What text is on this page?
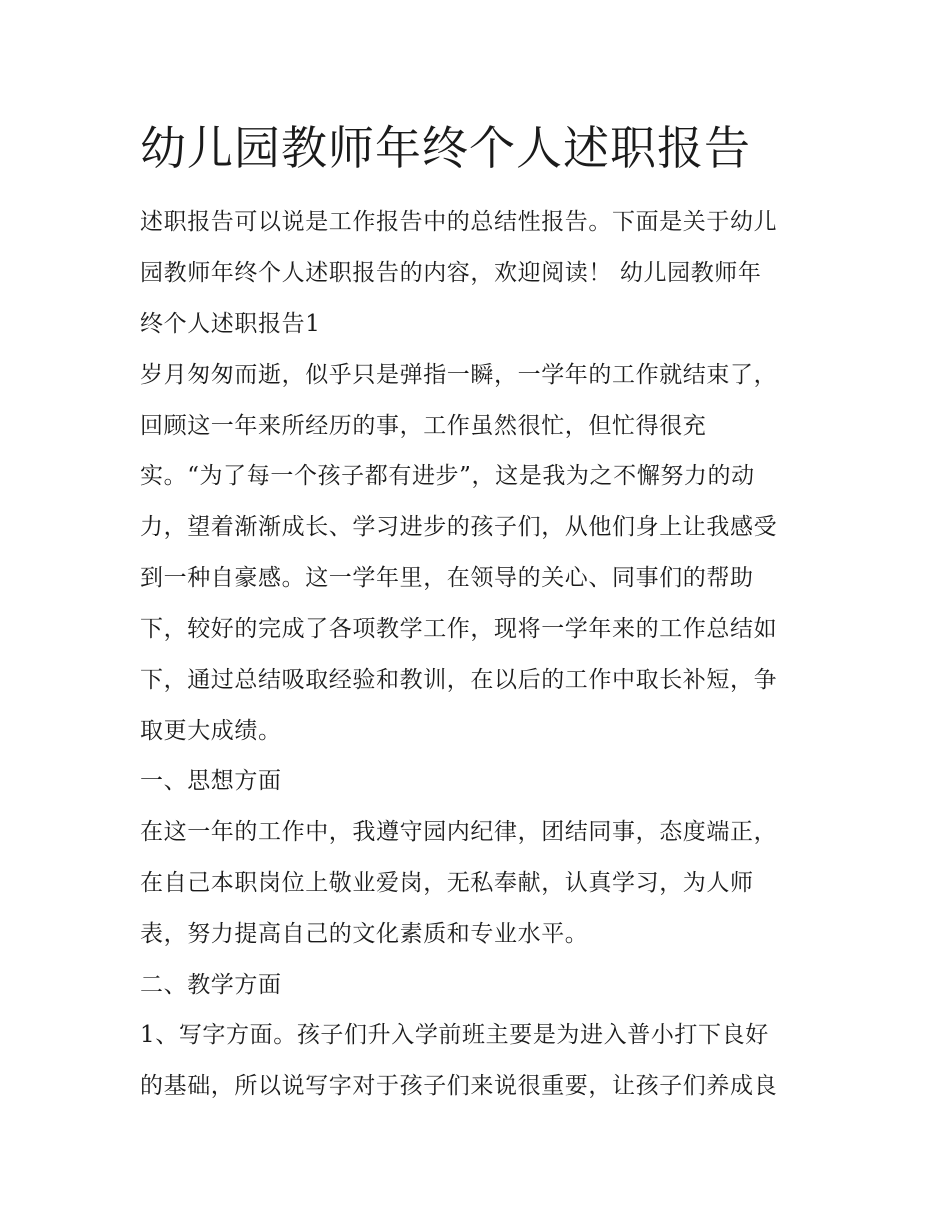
幼儿园教师年终个人述职报告

述职报告可以说是工作报告中的总结性报告。下面是关于幼儿

园教师年终个人述职报告的内容，欢迎阅读！ 幼儿园教师年

终个人述职报告1

岁月匆匆而逝，似乎只是弹指一瞬，一学年的工作就结束了，

回顾这一年来所经历的事，工作虽然很忙，但忙得很充

实。“为了每一个孩子都有进步”，这是我为之不懈努力的动

力，望着渐渐成长、学习进步的孩子们，从他们身上让我感受

到一种自豪感。这一学年里，在领导的关心、同事们的帮助

下，较好的完成了各项教学工作，现将一学年来的工作总结如

下，通过总结吸取经验和教训，在以后的工作中取长补短，争

取更大成绩。

一、思想方面

在这一年的工作中，我遵守园内纪律，团结同事，态度端正，

在自己本职岗位上敬业爱岗，无私奉献，认真学习，为人师

表，努力提高自己的文化素质和专业水平。

二、教学方面

1、写字方面。孩子们升入学前班主要是为进入普小打下良好

的基础，所以说写字对于孩子们来说很重要，让孩子们养成良
